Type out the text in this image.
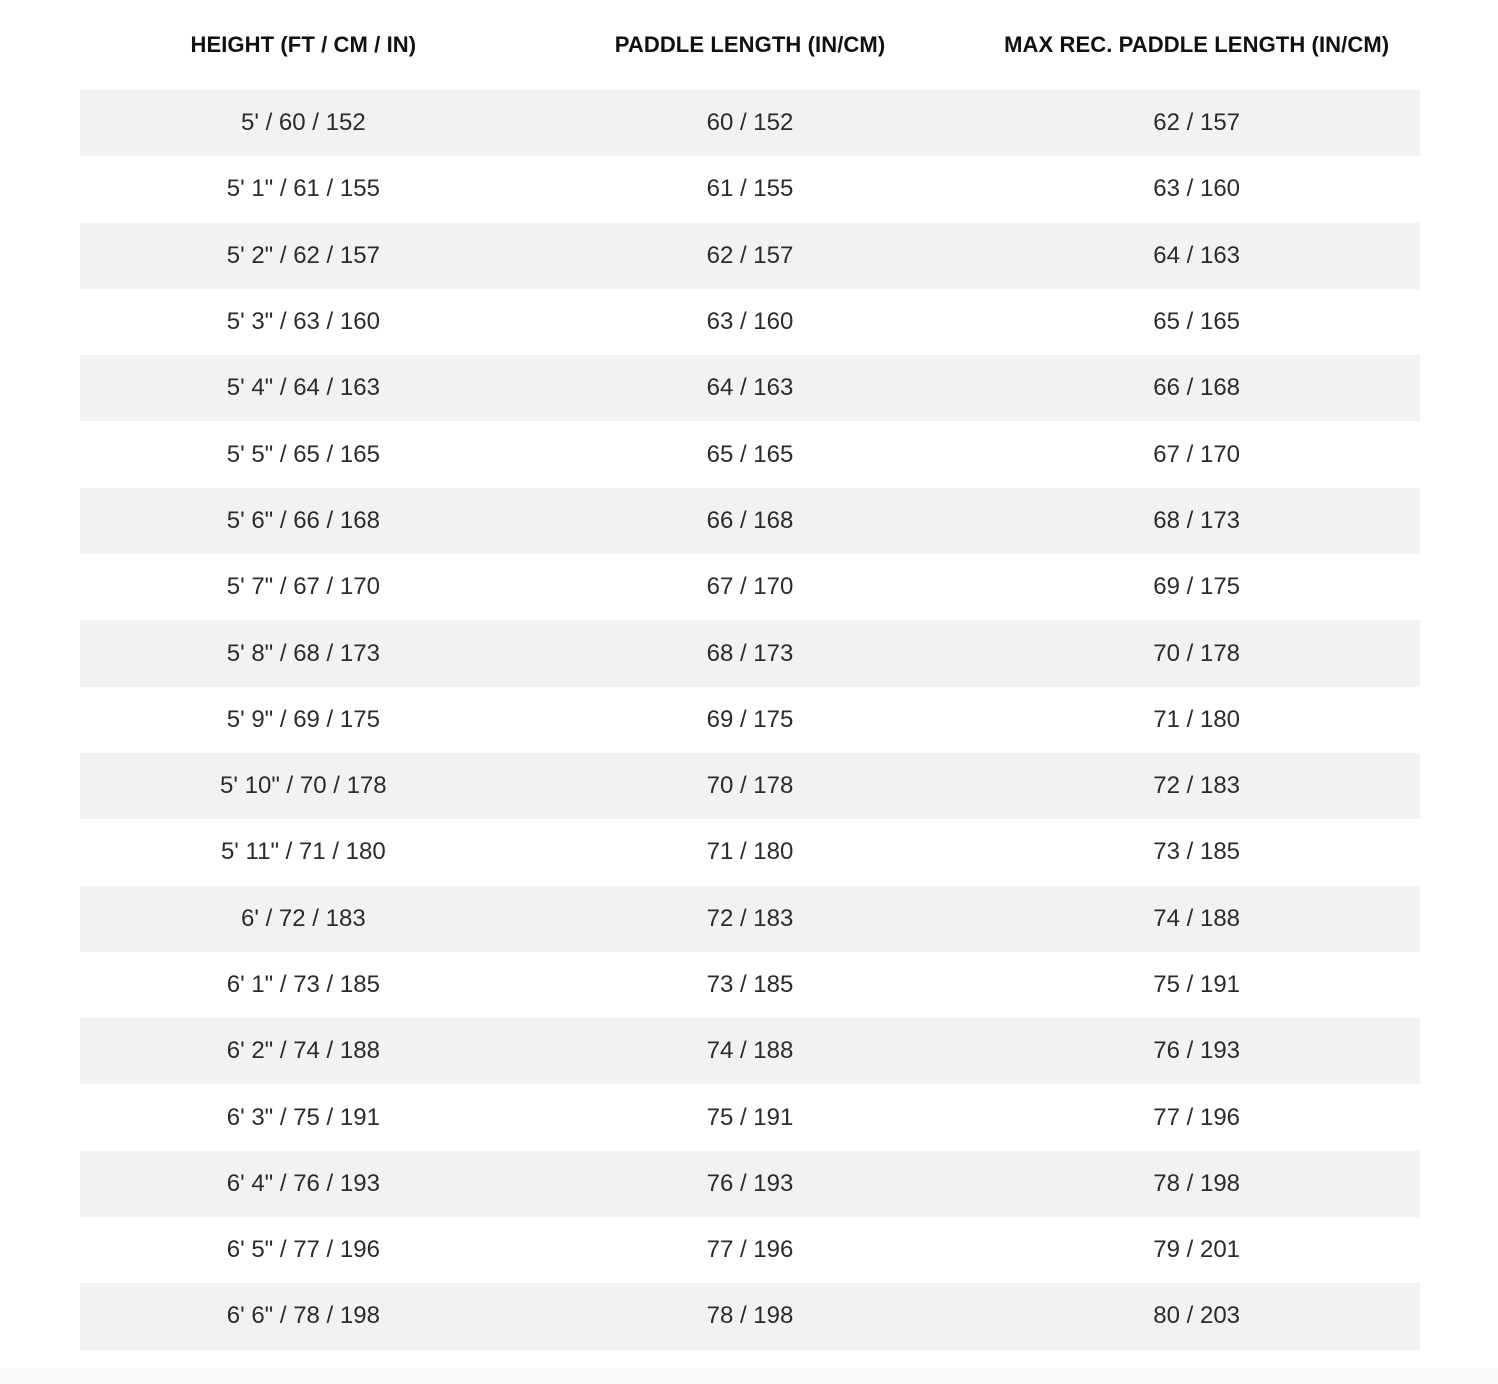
HEIGHT (FT / CM / IN)	PADDLE LENGTH (IN/CM)	MAX REC. PADDLE LENGTH (IN/CM)
5' / 60 / 152	60 / 152	62 / 157
5' 1" / 61 / 155	61 / 155	63 / 160
5' 2" / 62 / 157	62 / 157	64 / 163
5' 3" / 63 / 160	63 / 160	65 / 165
5' 4" / 64 / 163	64 / 163	66 / 168
5' 5" / 65 / 165	65 / 165	67 / 170
5' 6" / 66 / 168	66 / 168	68 / 173
5' 7" / 67 / 170	67 / 170	69 / 175
5' 8" / 68 / 173	68 / 173	70 / 178
5' 9" / 69 / 175	69 / 175	71 / 180
5' 10" / 70 / 178	70 / 178	72 / 183
5' 11" / 71 / 180	71 / 180	73 / 185
6' / 72 / 183	72 / 183	74 / 188
6' 1" / 73 / 185	73 / 185	75 / 191
6' 2" / 74 / 188	74 / 188	76 / 193
6' 3" / 75 / 191	75 / 191	77 / 196
6' 4" / 76 / 193	76 / 193	78 / 198
6' 5" / 77 / 196	77 / 196	79 / 201
6' 6" / 78 / 198	78 / 198	80 / 203
